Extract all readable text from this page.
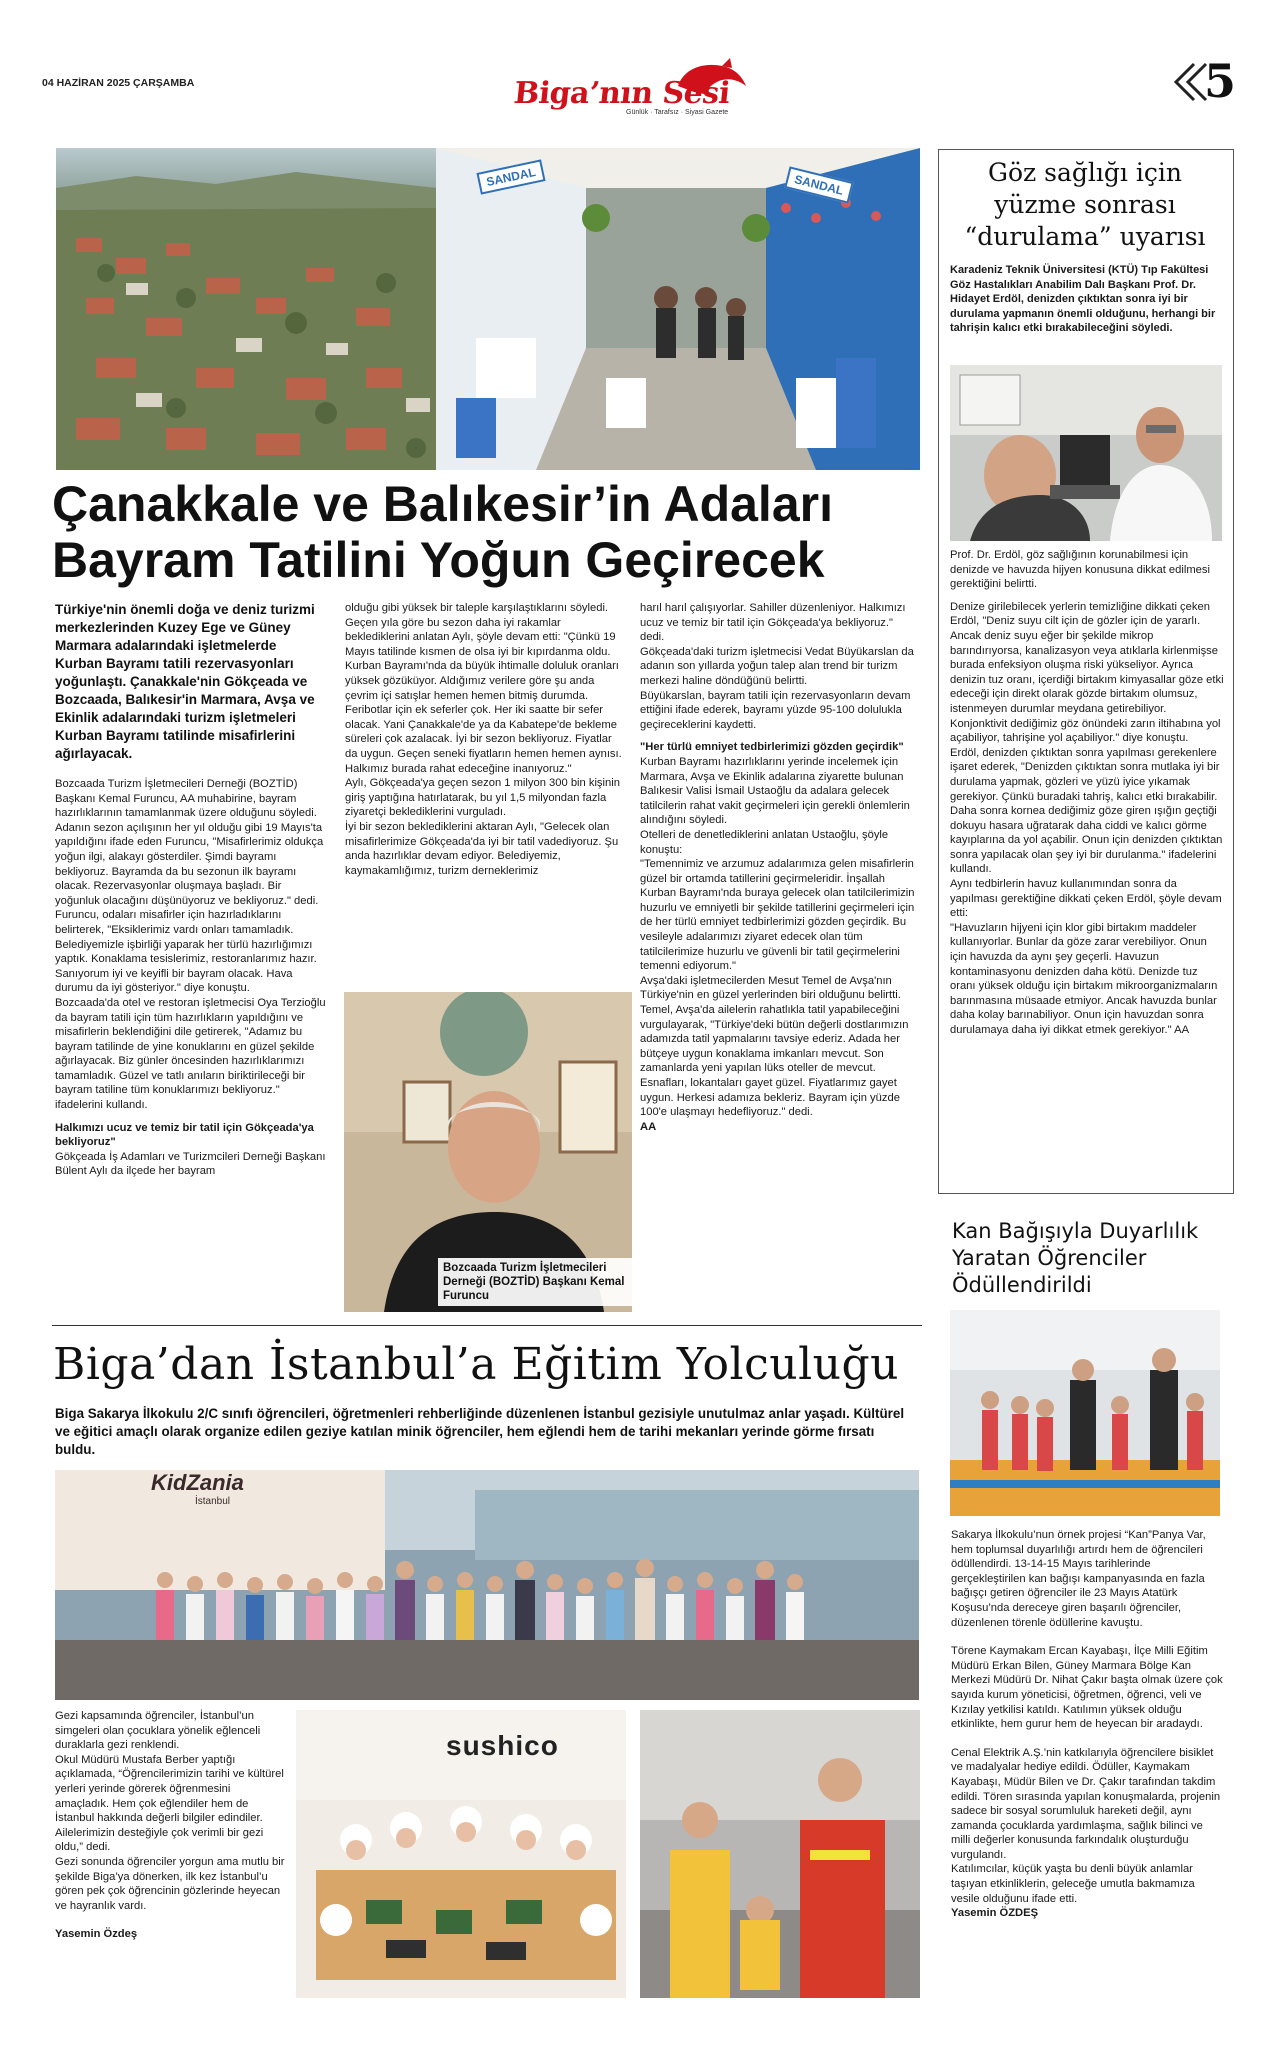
04 HAZİRAN 2025 ÇARŞAMBA	Biga’nın Sesi
Günlük · Tarafsız · Siyasi Gazete
5
SANDAL	SANDAL
Çanakkale ve Balıkesir’in Adaları
Bayram Tatilini Yoğun Geçirecek

Türkiye'nin önemli doğa ve deniz turizmi merkezlerinden Kuzey Ege ve Güney Marmara adalarındaki işletmelerde Kurban Bayramı tatili rezervasyonları yoğunlaştı. Çanakkale'nin Gökçeada ve Bozcaada, Balıkesir'in Marmara, Avşa ve Ekinlik adalarındaki turizm işletmeleri Kurban Bayramı tatilinde misafirlerini ağırlayacak.

Bozcaada Turizm İşletmecileri Derneği (BOZTİD) Başkanı Kemal Furuncu, AA muhabirine, bayram hazırlıklarının tamamlanmak üzere olduğunu söyledi.

Adanın sezon açılışının her yıl olduğu gibi 19 Mayıs'ta yapıldığını ifade eden Furuncu, "Misafirlerimiz oldukça yoğun ilgi, alakayı gösterdiler. Şimdi bayramı bekliyoruz. Bayramda da bu sezonun ilk bayramı olacak. Rezervasyonlar oluşmaya başladı. Bir yoğunluk olacağını düşünüyoruz ve bekliyoruz." dedi.

Furuncu, odaları misafirler için hazırladıklarını belirterek, "Eksiklerimiz vardı onları tamamladık. Belediyemizle işbirliği yaparak her türlü hazırlığımızı yaptık. Konaklama tesislerimiz, restoranlarımız hazır. Sanıyorum iyi ve keyifli bir bayram olacak. Hava durumu da iyi gösteriyor." diye konuştu.

Bozcaada'da otel ve restoran işletmecisi Oya Terzioğlu da bayram tatili için tüm hazırlıkların yapıldığını ve misafirlerin beklendiğini dile getirerek, "Adamız bu bayram tatilinde de yine konuklarını en güzel şekilde ağırlayacak. Biz günler öncesinden hazırlıklarımızı tamamladık. Güzel ve tatlı anıların biriktirileceği bir bayram tatiline tüm konuklarımızı bekliyoruz." ifadelerini kullandı.

Halkımızı ucuz ve temiz bir tatil için Gökçeada'ya bekliyoruz"

Gökçeada İş Adamları ve Turizmcileri Derneği Başkanı Bülent Aylı da ilçede her bayram

olduğu gibi yüksek bir taleple karşılaştıklarını söyledi.

Geçen yıla göre bu sezon daha iyi rakamlar beklediklerini anlatan Aylı, şöyle devam etti: "Çünkü 19 Mayıs tatilinde kısmen de olsa iyi bir kıpırdanma oldu. Kurban Bayramı'nda da büyük ihtimalle doluluk oranları yüksek gözüküyor. Aldığımız verilere göre şu anda çevrim içi satışlar hemen hemen bitmiş durumda. Feribotlar için ek seferler çok. Her iki saatte bir sefer olacak. Yani Çanakkale'de ya da Kabatepe'de bekleme süreleri çok azalacak. İyi bir sezon bekliyoruz. Fiyatlar da uygun. Geçen seneki fiyatların hemen hemen aynısı. Halkımız burada rahat edeceğine inanıyoruz."

Aylı, Gökçeada'ya geçen sezon 1 milyon 300 bin kişinin giriş yaptığına hatırlatarak, bu yıl 1,5 milyondan fazla ziyaretçi beklediklerini vurguladı.

İyi bir sezon beklediklerini aktaran Aylı, "Gelecek olan misafirlerimize Gökçeada'da iyi bir tatil vadediyoruz. Şu anda hazırlıklar devam ediyor. Belediyemiz, kaymakamlığımız, turizm derneklerimiz

Bozcaada Turizm İşletmecileri Derneği (BOZTİD) Başkanı Kemal Furuncu

harıl harıl çalışıyorlar. Sahiller düzenleniyor. Halkımızı ucuz ve temiz bir tatil için Gökçeada'ya bekliyoruz." dedi.

Gökçeada'daki turizm işletmecisi Vedat Büyükarslan da adanın son yıllarda yoğun talep alan trend bir turizm merkezi haline döndüğünü belirtti.

Büyükarslan, bayram tatili için rezervasyonların devam ettiğini ifade ederek, bayramı yüzde 95-100 dolulukla geçireceklerini kaydetti.

"Her türlü emniyet tedbirlerimizi gözden geçirdik"

Kurban Bayramı hazırlıklarını yerinde incelemek için Marmara, Avşa ve Ekinlik adalarına ziyarette bulunan Balıkesir Valisi İsmail Ustaoğlu da adalara gelecek tatilcilerin rahat vakit geçirmeleri için gerekli önlemlerin alındığını söyledi.

Otelleri de denetlediklerini anlatan Ustaoğlu, şöyle konuştu:

"Temennimiz ve arzumuz adalarımıza gelen misafirlerin güzel bir ortamda tatillerini geçirmeleridir. İnşallah Kurban Bayramı'nda buraya gelecek olan tatilcilerimizin huzurlu ve emniyetli bir şekilde tatillerini geçirmeleri için de her türlü emniyet tedbirlerimizi gözden geçirdik. Bu vesileyle adalarımızı ziyaret edecek olan tüm tatilcilerimize huzurlu ve güvenli bir tatil geçirmelerini temenni ediyorum."

Avşa'daki işletmecilerden Mesut Temel de Avşa'nın Türkiye'nin en güzel yerlerinden biri olduğunu belirtti.

Temel, Avşa'da ailelerin rahatlıkla tatil yapabileceğini vurgulayarak, "Türkiye'deki bütün değerli dostlarımızın adamızda tatil yapmalarını tavsiye ederiz. Adada her bütçeye uygun konaklama imkanları mevcut. Son zamanlarda yeni yapılan lüks oteller de mevcut. Esnafları, lokantaları gayet güzel. Fiyatlarımız gayet uygun. Herkesi adamıza bekleriz. Bayram için yüzde 100'e ulaşmayı hedefliyoruz." dedi.

AA

Göz sağlığı için
yüzme sonrası
“durulama” uyarısı

Karadeniz Teknik Üniversitesi (KTÜ) Tıp Fakültesi Göz Hastalıkları Anabilim Dalı Başkanı Prof. Dr. Hidayet Erdöl, denizden çıktıktan sonra iyi bir durulama yapmanın önemli olduğunu, herhangi bir tahrişin kalıcı etki bırakabileceğini söyledi.

Prof. Dr. Erdöl, göz sağlığının korunabilmesi için denizde ve havuzda hijyen konusuna dikkat edilmesi gerektiğini belirtti.

Denize girilebilecek yerlerin temizliğine dikkati çeken Erdöl, "Deniz suyu cilt için de gözler için de yararlı. Ancak deniz suyu eğer bir şekilde mikrop barındırıyorsa, kanalizasyon veya atıklarla kirlenmişse burada enfeksiyon oluşma riski yükseliyor. Ayrıca denizin tuz oranı, içerdiği birtakım kimyasallar göze etki edeceği için direkt olarak gözde birtakım olumsuz, istenmeyen durumlar meydana getirebiliyor. Konjonktivit dediğimiz göz önündeki zarın iltihabına yol açabiliyor, tahrişine yol açabiliyor." diye konuştu.

Erdöl, denizden çıktıktan sonra yapılması gerekenlere işaret ederek, "Denizden çıktıktan sonra mutlaka iyi bir durulama yapmak, gözleri ve yüzü iyice yıkamak gerekiyor. Çünkü buradaki tahriş, kalıcı etki bırakabilir. Daha sonra kornea dediğimiz göze giren ışığın geçtiği dokuyu hasara uğratarak daha ciddi ve kalıcı görme kayıplarına da yol açabilir. Onun için denizden çıktıktan sonra yapılacak olan şey iyi bir durulanma." ifadelerini kullandı.

Aynı tedbirlerin havuz kullanımından sonra da yapılması gerektiğine dikkati çeken Erdöl, şöyle devam etti:

"Havuzların hijyeni için klor gibi birtakım maddeler kullanıyorlar. Bunlar da göze zarar verebiliyor. Onun için havuzda da aynı şey geçerli. Havuzun kontaminasyonu denizden daha kötü. Denizde tuz oranı yüksek olduğu için birtakım mikroorganizmaların barınmasına müsaade etmiyor. Ancak havuzda bunlar daha kolay barınabiliyor. Onun için havuzdan sonra durulamaya daha iyi dikkat etmek gerekiyor." AA

Kan Bağışıyla Duyarlılık
Yaratan Öğrenciler
Ödüllendirildi

Sakarya İlkokulu’nun örnek projesi “Kan”Panya Var, hem toplumsal duyarlılığı artırdı hem de öğrencileri ödüllendirdi. 13-14-15 Mayıs tarihlerinde gerçekleştirilen kan bağışı kampanyasında en fazla bağışçı getiren öğrenciler ile 23 Mayıs Atatürk Koşusu’nda dereceye giren başarılı öğrenciler, düzenlenen törenle ödüllerine kavuştu.

Törene Kaymakam Ercan Kayabaşı, İlçe Milli Eğitim Müdürü Erkan Bilen, Güney Marmara Bölge Kan Merkezi Müdürü Dr. Nihat Çakır başta olmak üzere çok sayıda kurum yöneticisi, öğretmen, öğrenci, veli ve Kızılay yetkilisi katıldı. Katılımın yüksek olduğu etkinlikte, hem gurur hem de heyecan bir aradaydı.

Cenal Elektrik A.Ş.’nin katkılarıyla öğrencilere bisiklet ve madalyalar hediye edildi. Ödüller, Kaymakam Kayabaşı, Müdür Bilen ve Dr. Çakır tarafından takdim edildi. Tören sırasında yapılan konuşmalarda, projenin sadece bir sosyal sorumluluk hareketi değil, aynı zamanda çocuklarda yardımlaşma, sağlık bilinci ve milli değerler konusunda farkındalık oluşturduğu vurgulandı.

Katılımcılar, küçük yaşta bu denli büyük anlamlar taşıyan etkinliklerin, geleceğe umutla bakmamıza vesile olduğunu ifade etti.

Yasemin ÖZDEŞ

Biga’dan İstanbul’a Eğitim Yolculuğu
Biga Sakarya İlkokulu 2/C sınıfı öğrencileri, öğretmenleri rehberliğinde düzenlenen İstanbul gezisiyle unutulmaz anlar yaşadı. Kültürel ve eğitici amaçlı olarak organize edilen geziye katılan minik öğrenciler, hem eğlendi hem de tarihi mekanları yerinde görme fırsatı buldu.
KidZania
İstanbul

Gezi kapsamında öğrenciler, İstanbul’un simgeleri olan çocuklara yönelik eğlenceli duraklarla gezi renklendi.

Okul Müdürü Mustafa Berber yaptığı açıklamada, “Öğrencilerimizin tarihi ve kültürel yerleri yerinde görerek öğrenmesini amaçladık. Hem çok eğlendiler hem de İstanbul hakkında değerli bilgiler edindiler. Ailelerimizin desteğiyle çok verimli bir gezi oldu,” dedi.

Gezi sonunda öğrenciler yorgun ama mutlu bir şekilde Biga’ya dönerken, ilk kez İstanbul’u gören pek çok öğrencinin gözlerinde heyecan ve hayranlık vardı.

Yasemin Özdeş

sushico
